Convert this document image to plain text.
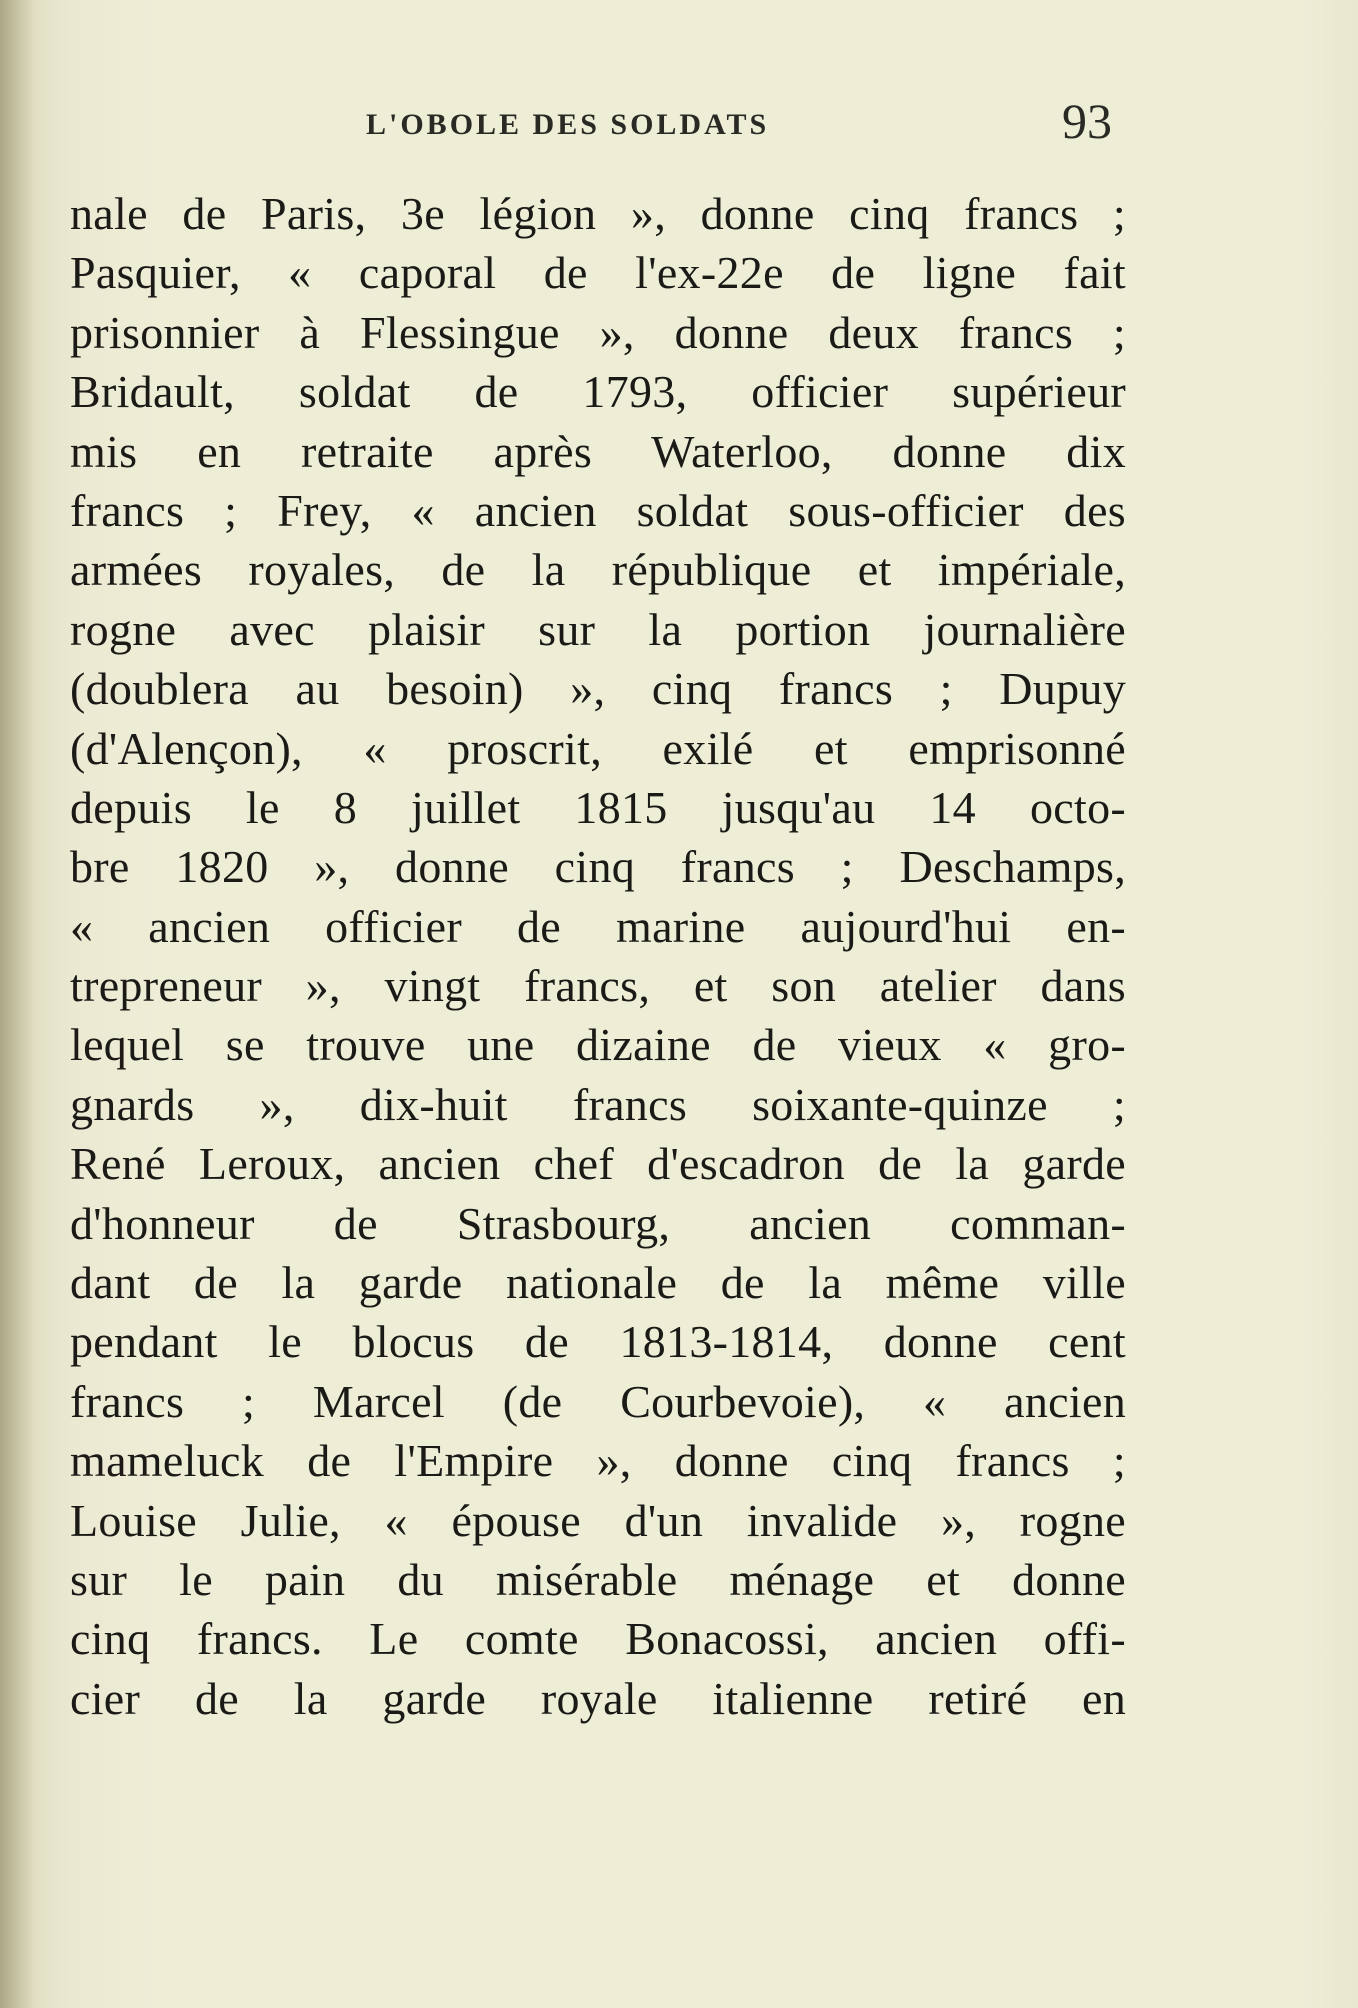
L'OBOLE DES SOLDATS	93
nale de Paris, 3e légion », donne cinq francs ;
Pasquier, « caporal de l'ex-22e de ligne fait
prisonnier à Flessingue », donne deux francs ;
Bridault, soldat de 1793, officier supérieur
mis en retraite après Waterloo, donne dix
francs ; Frey, « ancien soldat sous-officier des
armées royales, de la république et impériale,
rogne avec plaisir sur la portion journalière
(doublera au besoin) », cinq francs ; Dupuy
(d'Alençon), « proscrit, exilé et emprisonné
depuis le 8 juillet 1815 jusqu'au 14 octo-
bre 1820 », donne cinq francs ; Deschamps,
« ancien officier de marine aujourd'hui en-
trepreneur », vingt francs, et son atelier dans
lequel se trouve une dizaine de vieux « gro-
gnards », dix-huit francs soixante-quinze ;
René Leroux, ancien chef d'escadron de la garde
d'honneur de Strasbourg, ancien comman-
dant de la garde nationale de la même ville
pendant le blocus de 1813-1814, donne cent
francs ; Marcel (de Courbevoie), « ancien
mameluck de l'Empire », donne cinq francs ;
Louise Julie, « épouse d'un invalide », rogne
sur le pain du misérable ménage et donne
cinq francs. Le comte Bonacossi, ancien offi-
cier de la garde royale italienne retiré en
